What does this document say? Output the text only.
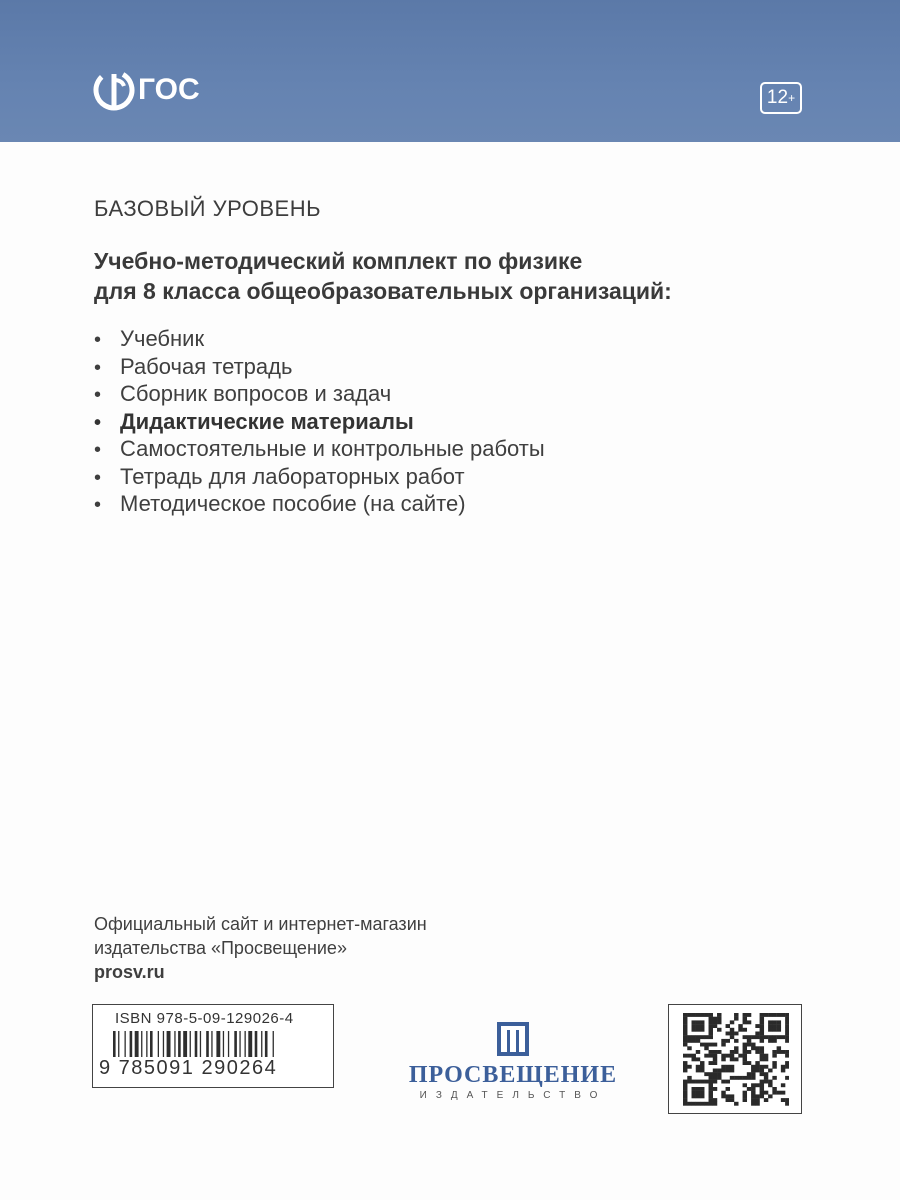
ГОС	12 +
БАЗОВЫЙ УРОВЕНЬ
Учебно-методический комплект по физике
для 8 класса общеобразовательных организаций:
• Учебник
• Рабочая тетрадь
• Сборник вопросов и задач
• Дидактические материалы
• Самостоятельные и контрольные работы
• Тетрадь для лабораторных работ
• Методическое пособие (на сайте)
Официальный сайт и интернет-магазин
издательства «Просвещение»
prosv.ru
ISBN 978-5-09-129026-4
9 785091 290264	ПРОСВЕЩЕНИЕ
ИЗДАТЕЛЬСТВО
